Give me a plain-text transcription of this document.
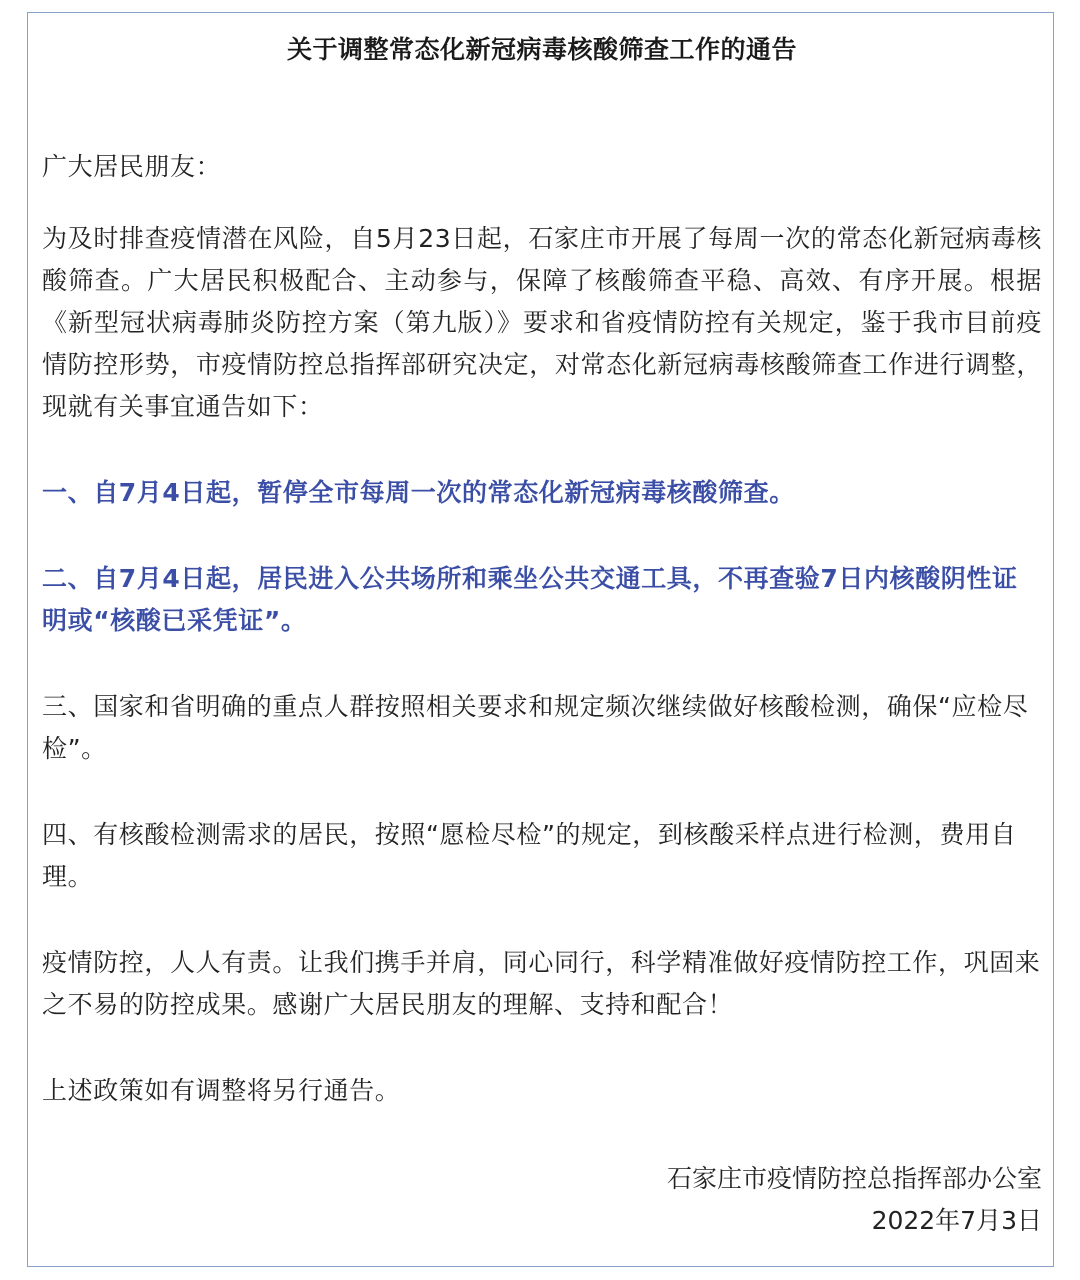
关于调整常态化新冠病毒核酸筛查工作的通告

广大居民朋友：

为及时排查疫情潜在风险，自5月23日起，石家庄市开展了每周一次的常态化新冠病毒核酸筛查。广大居民积极配合、主动参与，保障了核酸筛查平稳、高效、有序开展。根据《新型冠状病毒肺炎防控方案（第九版）》要求和省疫情防控有关规定，鉴于我市目前疫情防控形势，市疫情防控总指挥部研究决定，对常态化新冠病毒核酸筛查工作进行调整，现就有关事宜通告如下：

一、自7月4日起，暂停全市每周一次的常态化新冠病毒核酸筛查。

二、自7月4日起，居民进入公共场所和乘坐公共交通工具，不再查验7日内核酸阴性证明或“核酸已采凭证”。

三、国家和省明确的重点人群按照相关要求和规定频次继续做好核酸检测，确保“应检尽检”。

四、有核酸检测需求的居民，按照“愿检尽检”的规定，到核酸采样点进行检测，费用自理。

疫情防控，人人有责。让我们携手并肩，同心同行，科学精准做好疫情防控工作，巩固来之不易的防控成果。感谢广大居民朋友的理解、支持和配合！

上述政策如有调整将另行通告。

石家庄市疫情防控总指挥部办公室
2022年7月3日
